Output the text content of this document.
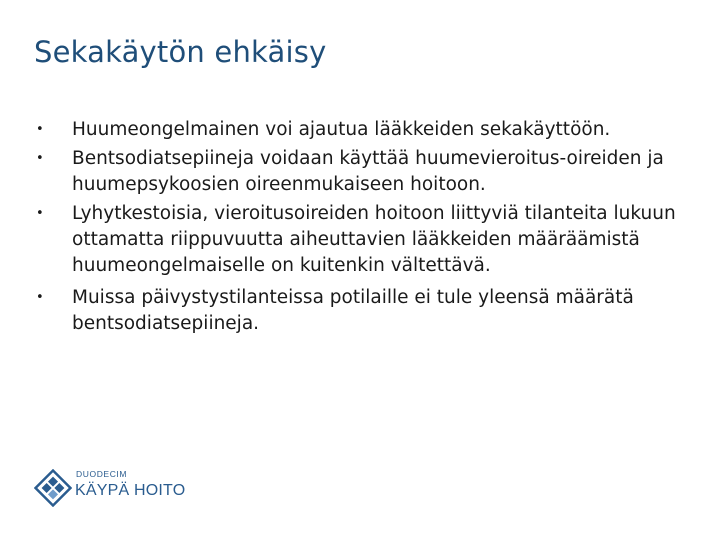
Sekakäytön ehkäisy
• Huumeongelmainen voi ajautua lääkkeiden sekakäyttöön.
• Bentsodiatsepiineja voidaan käyttää huumevieroitus-oireiden ja huumepsykoosien oireenmukaiseen hoitoon.
• Lyhytkestoisia, vieroitusoireiden hoitoon liittyviä tilanteita lukuun ottamatta riippuvuutta aiheuttavien lääkkeiden määräämistä huumeongelmaiselle on kuitenkin vältettävä.
• Muissa päivystystilanteissa potilaille ei tule yleensä määrätä bentsodiatsepiineja.
DUODECIM
KÄYPÄ HOITO
